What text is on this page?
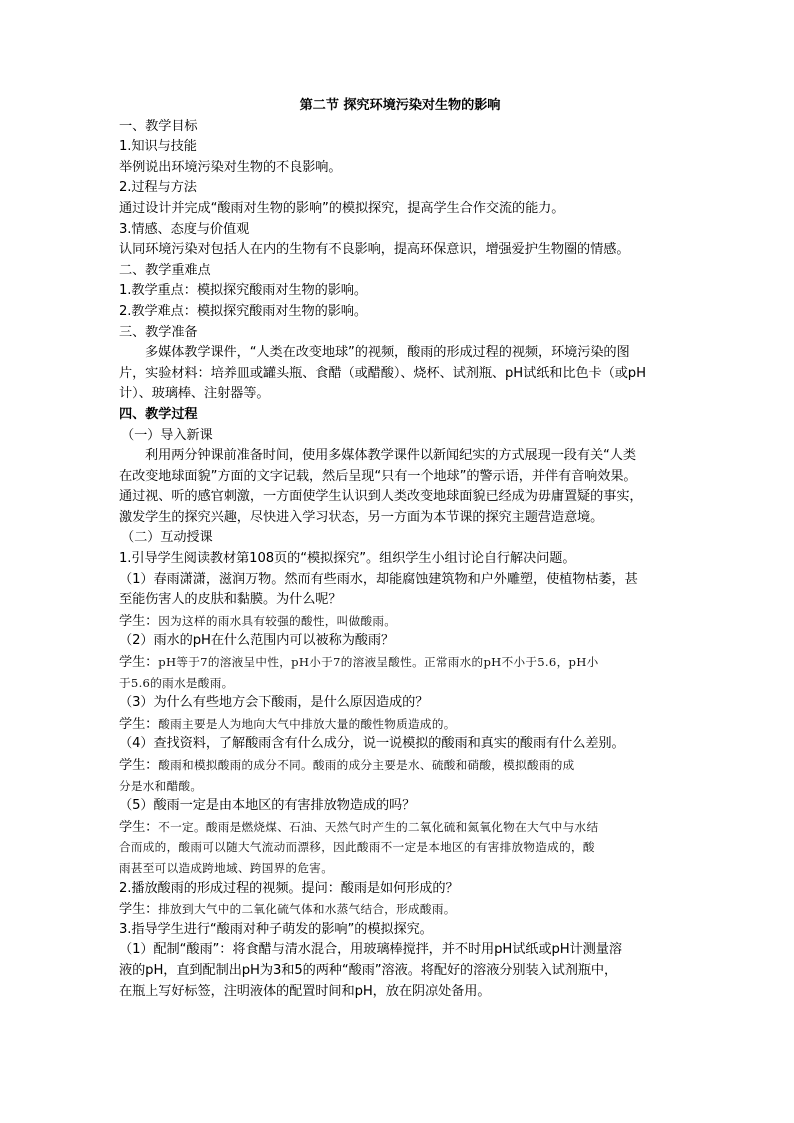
第二节 探究环境污染对生物的影响
一、教学目标
1.知识与技能
举例说出环境污染对生物的不良影响。
2.过程与方法
通过设计并完成“酸雨对生物的影响”的模拟探究，提高学生合作交流的能力。
3.情感、态度与价值观
认同环境污染对包括人在内的生物有不良影响，提高环保意识，增强爱护生物圈的情感。
二、教学重难点
1.教学重点：模拟探究酸雨对生物的影响。
2.教学难点：模拟探究酸雨对生物的影响。
三、教学准备
多媒体教学课件，“人类在改变地球”的视频，酸雨的形成过程的视频，环境污染的图
片，实验材料：培养皿或罐头瓶、食醋（或醋酸）、烧杯、试剂瓶、pH试纸和比色卡（或pH
计）、玻璃棒、注射器等。
四、教学过程
（一）导入新课
利用两分钟课前准备时间，使用多媒体教学课件以新闻纪实的方式展现一段有关“人类
在改变地球面貌”方面的文字记载，然后呈现“只有一个地球”的警示语，并伴有音响效果。
通过视、听的感官刺激，一方面使学生认识到人类改变地球面貌已经成为毋庸置疑的事实，
激发学生的探究兴趣，尽快进入学习状态，另一方面为本节课的探究主题营造意境。
（二）互动授课
1.引导学生阅读教材第108页的“模拟探究”。组织学生小组讨论自行解决问题。
（1）春雨潇潇，滋润万物。然而有些雨水，却能腐蚀建筑物和户外雕塑，使植物枯萎，甚
至能伤害人的皮肤和黏膜。为什么呢？
学生：因为这样的雨水具有较强的酸性，叫做酸雨。
（2）雨水的pH在什么范围内可以被称为酸雨？
学生：pH等于7的溶液呈中性，pH小于7的溶液呈酸性。正常雨水的pH不小于5.6，pH小
于5.6的雨水是酸雨。
（3）为什么有些地方会下酸雨，是什么原因造成的？
学生：酸雨主要是人为地向大气中排放大量的酸性物质造成的。
（4）查找资料，了解酸雨含有什么成分，说一说模拟的酸雨和真实的酸雨有什么差别。
学生：酸雨和模拟酸雨的成分不同。酸雨的成分主要是水、硫酸和硝酸，模拟酸雨的成
分是水和醋酸。
（5）酸雨一定是由本地区的有害排放物造成的吗？
学生：不一定。酸雨是燃烧煤、石油、天然气时产生的二氧化硫和氮氧化物在大气中与水结
合而成的，酸雨可以随大气流动而漂移，因此酸雨不一定是本地区的有害排放物造成的，酸
雨甚至可以造成跨地域、跨国界的危害。
2.播放酸雨的形成过程的视频。提问：酸雨是如何形成的？
学生：排放到大气中的二氧化硫气体和水蒸气结合，形成酸雨。
3.指导学生进行“酸雨对种子萌发的影响”的模拟探究。
（1）配制“酸雨”：将食醋与清水混合，用玻璃棒搅拌，并不时用pH试纸或pH计测量溶
液的pH，直到配制出pH为3和5的两种“酸雨”溶液。将配好的溶液分别装入试剂瓶中，
在瓶上写好标签，注明液体的配置时间和pH，放在阴凉处备用。
